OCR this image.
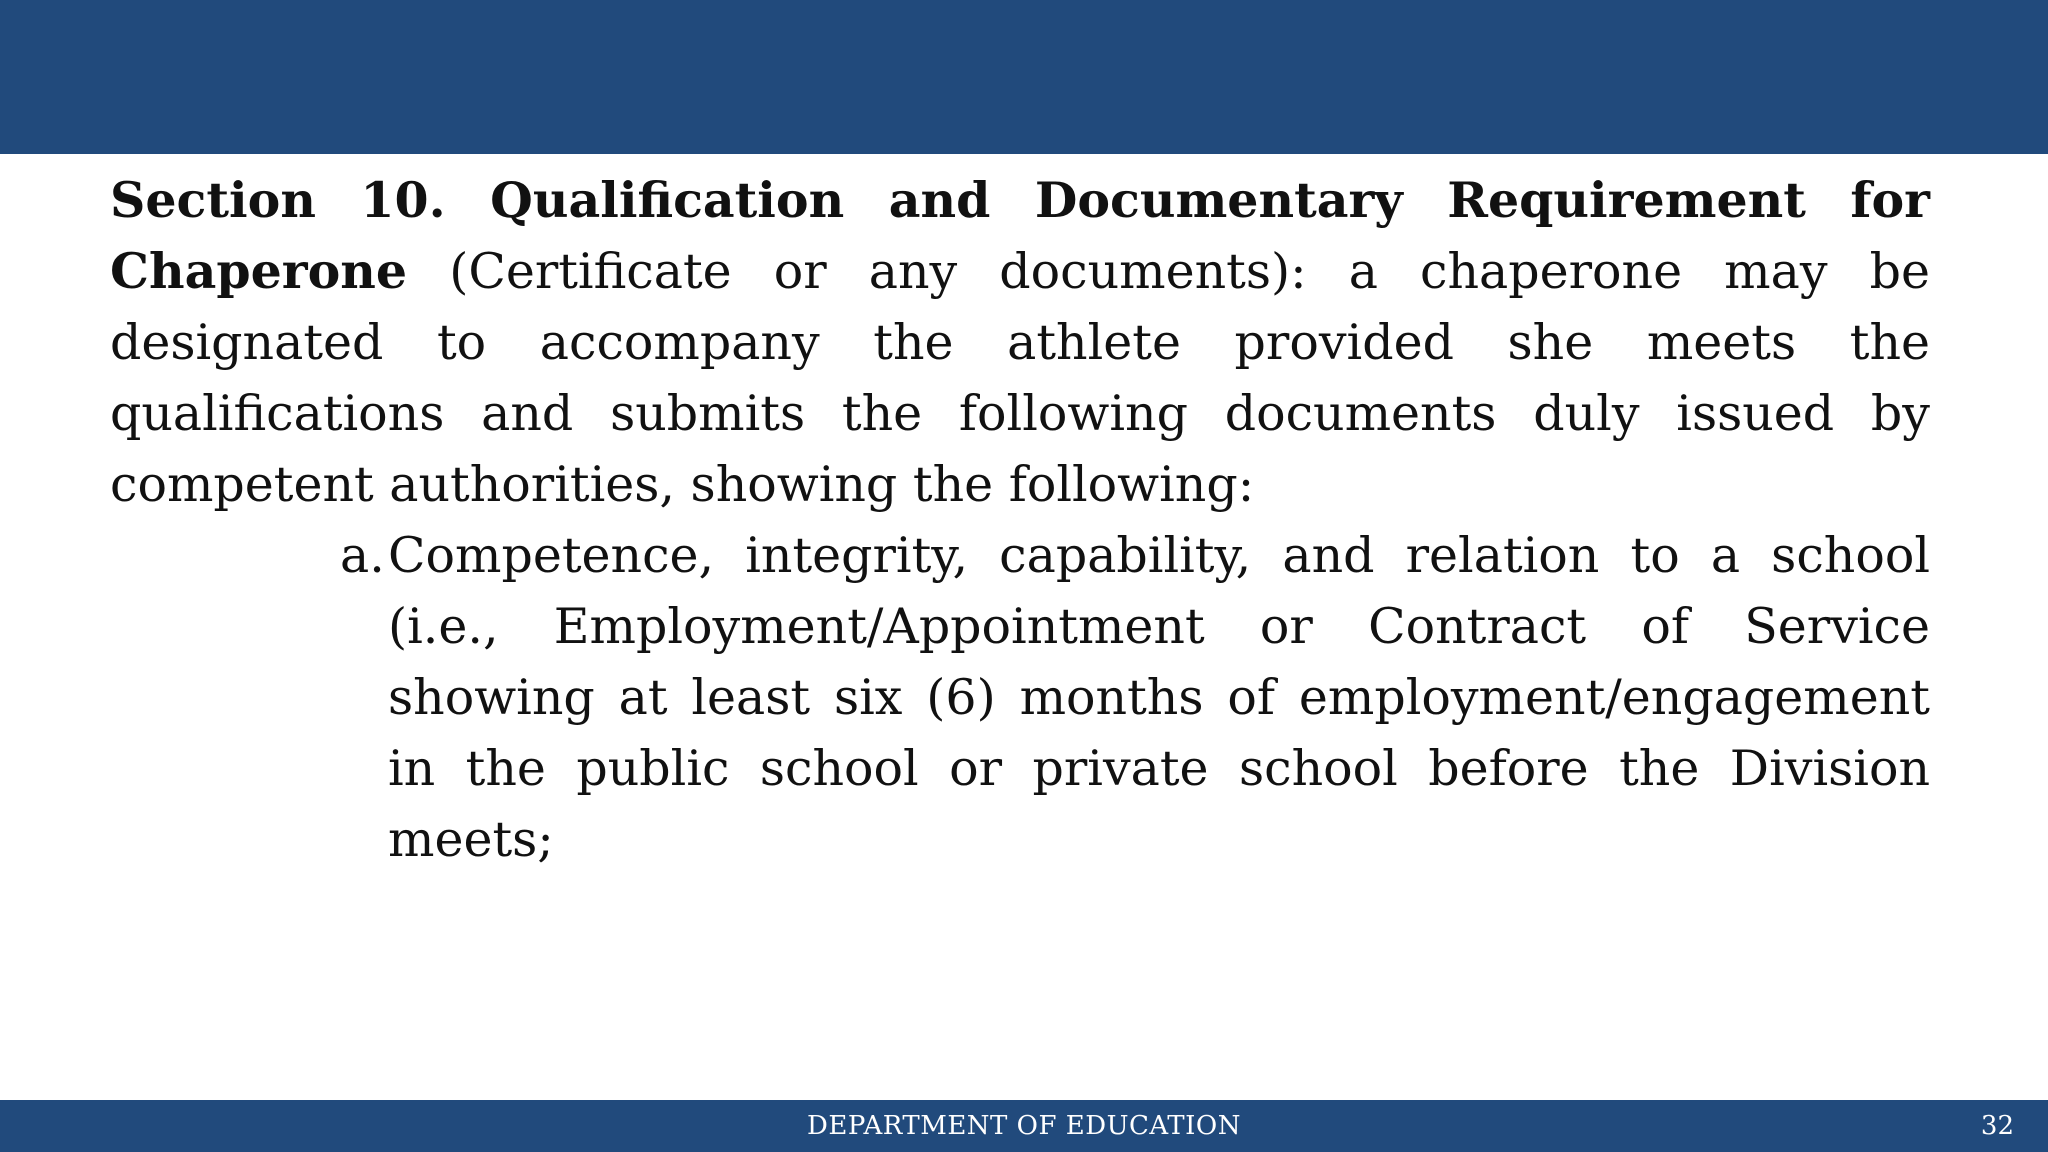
Section 10. Qualification and Documentary Requirement for Chaperone (Certificate or any documents): a chaperone may be designated to accompany the athlete provided she meets the qualifications and submits the following documents duly issued by competent authorities, showing the following:

a. Competence, integrity, capability, and relation to a school (i.e., Employment/Appointment or Contract of Service showing at least six (6) months of employment/engagement in the public school or private school before the Division meets;
DEPARTMENT OF EDUCATION	32
